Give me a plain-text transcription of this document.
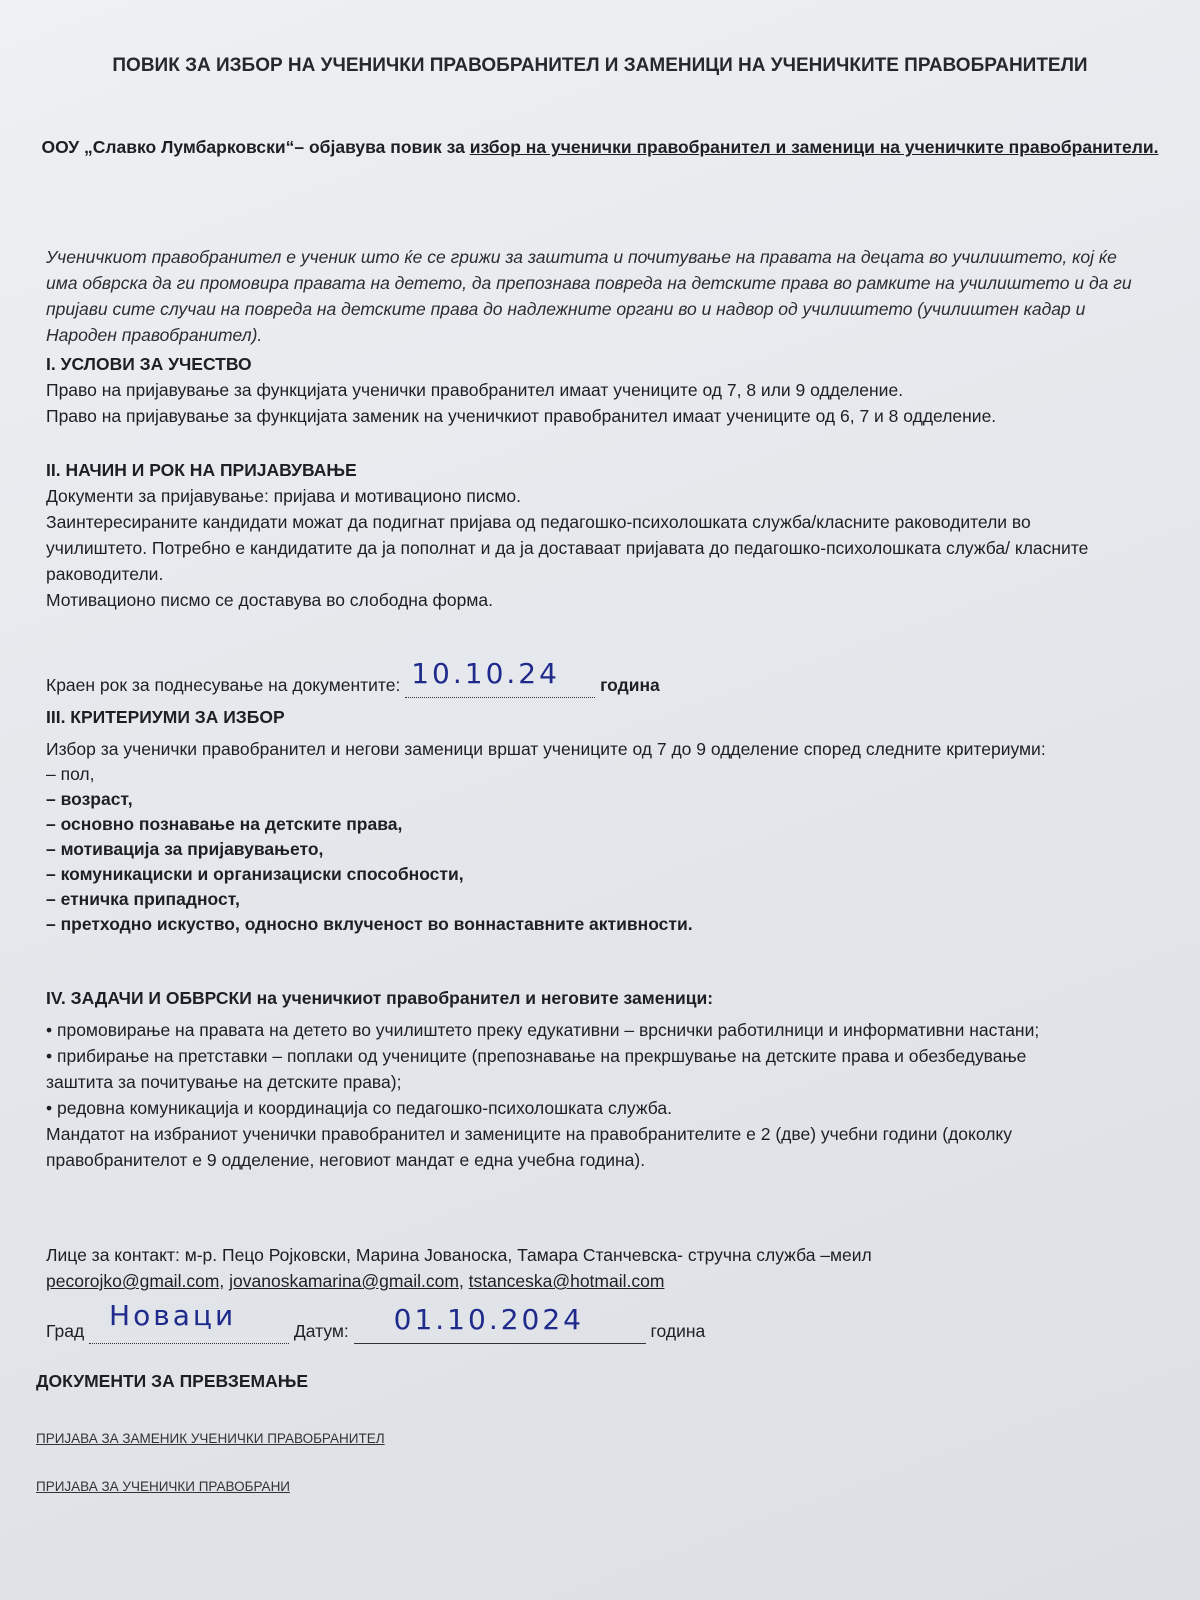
ПОВИК ЗА ИЗБОР НА УЧЕНИЧКИ ПРАВОБРАНИТЕЛ И ЗАМЕНИЦИ НА УЧЕНИЧКИТЕ ПРАВОБРАНИТЕЛИ
ООУ „Славко Лумбарковски“– објавува повик за избор на ученички правобранител и заменици на ученичките правобранители.
Ученичкиот правобранител е ученик што ќе се грижи за заштита и почитување на правата на децата во училиштето, кој ќе има обврска да ги промовира правата на детето, да препознава повреда на детските права во рамките на училиштето и да ги пријави сите случаи на повреда на детските права до надлежните органи во и надвор од училиштето (училиштен кадар и Народен правобранител).
I. УСЛОВИ ЗА УЧЕСТВО
Право на пријавување за функцијата ученички правобранител имаат учениците од 7, 8 или 9 одделение.
Право на пријавување за функцијата заменик на ученичкиот правобранител имаат учениците од 6, 7 и 8 одделение.
II. НАЧИН И РОК НА ПРИЈАВУВАЊЕ
Документи за пријавување: пријава и мотивационо писмо.
Заинтересираните кандидати можат да подигнат пријава од педагошко-психолошката служба/класните раководители во училиштето. Потребно е кандидатите да ја пополнат и да ја доставаат пријавата до педагошко-психолошката служба/ класните раководители.
Мотивационо писмо се доставува во слободна форма.
Краен рок за поднесување на документите: 10.10.24 година
III. КРИТЕРИУМИ ЗА ИЗБОР
Избор за ученички правобранител и негови заменици вршат учениците од 7 до 9 одделение според следните критериуми:
– пол,
– возраст,
– основно познавање на детските права,
– мотивација за пријавувањето,
– комуникациски и организациски способности,
– етничка припадност,
– претходно искуство, односно вклученост во воннаставните активности.
IV. ЗАДАЧИ И ОБВРСКИ на ученичкиот правобранител и неговите заменици:
• промовирање на правата на детето во училиштето преку едукативни – врснички работилници и информативни настани;
• прибирање на претставки – поплаки од учениците (препознавање на прекршување на детските права и обезбедување заштита за почитување на детските права);
• редовна комуникација и координација со педагошко-психолошката служба.
Мандатот на избраниот ученички правобранител и замениците на правобранителите е 2 (две) учебни години (доколку правобранителот е 9 одделение, неговиот мандат е една учебна година).
Лице за контакт: м-р. Пецо Ројковски, Марина Јованоска, Тамара Станчевска- стручна служба –меил
pecorojko@gmail.com, jovanoskamarina@gmail.com, tstanceska@hotmail.com
Град Новаци	Датум: 01.10.2024	година
ДОКУМЕНТИ ЗА ПРЕВЗЕМАЊЕ
ПРИЈАВА ЗА ЗАМЕНИК УЧЕНИЧКИ ПРАВОБРАНИТЕЛ
ПРИЈАВА ЗА УЧЕНИЧКИ ПРАВОБРАНИ
